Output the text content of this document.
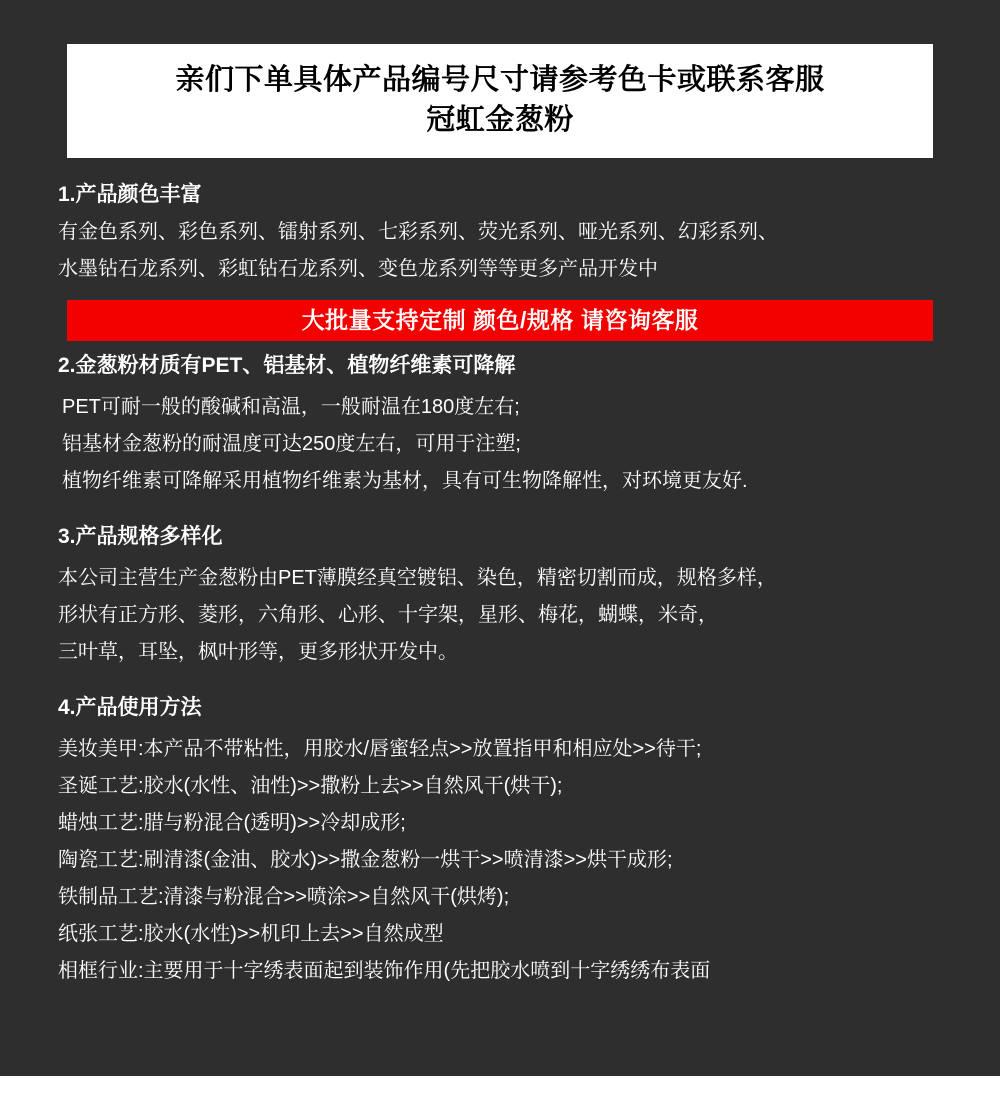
亲们下单具体产品编号尺寸请参考色卡或联系客服
冠虹金葱粉
1.产品颜色丰富
有金色系列、彩色系列、镭射系列、七彩系列、荧光系列、哑光系列、幻彩系列、
水墨钻石龙系列、彩虹钻石龙系列、变色龙系列等等更多产品开发中
大批量支持定制 颜色/规格 请咨询客服
2.金葱粉材质有PET、铝基材、植物纤维素可降解
PET可耐一般的酸碱和高温，一般耐温在180度左右;
铝基材金葱粉的耐温度可达250度左右，可用于注塑;
植物纤维素可降解采用植物纤维素为基材，具有可生物降解性，对环境更友好.
3.产品规格多样化
本公司主营生产金葱粉由PET薄膜经真空镀铝、染色，精密切割而成，规格多样，
形状有正方形、菱形，六角形、心形、十字架，星形、梅花，蝴蝶，米奇，
三叶草，耳坠，枫叶形等，更多形状开发中。
4.产品使用方法
美妆美甲:本产品不带粘性，用胶水/唇蜜轻点>>放置指甲和相应处>>待干;
圣诞工艺:胶水(水性、油性)>>撒粉上去>>自然风干(烘干);
蜡烛工艺:腊与粉混合(透明)>>冷却成形;
陶瓷工艺:刷清漆(金油、胶水)>>撒金葱粉一烘干>>喷清漆>>烘干成形;
铁制品工艺:清漆与粉混合>>喷涂>>自然风干(烘烤);
纸张工艺:胶水(水性)>>机印上去>>自然成型
相框行业:主要用于十字绣表面起到装饰作用(先把胶水喷到十字绣绣布表面
